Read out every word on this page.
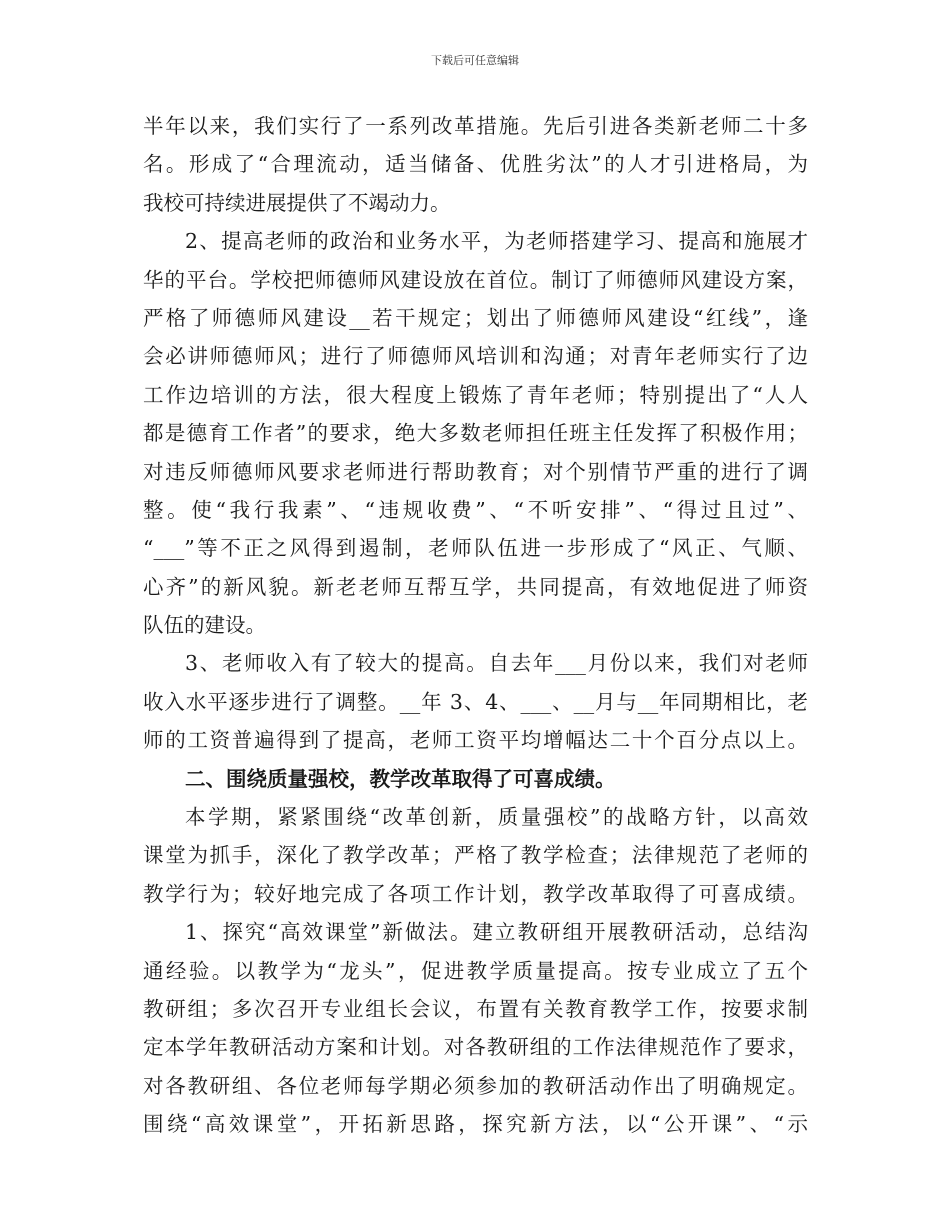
下载后可任意编辑
半年以来，我们实行了一系列改革措施。先后引进各类新老师二十多
名。形成了“合理流动，适当储备、优胜劣汰”的人才引进格局，为
我校可持续进展提供了不竭动力。
2、提高老师的政治和业务水平，为老师搭建学习、提高和施展才
华的平台。学校把师德师风建设放在首位。制订了师德师风建设方案，
严格了师德师风建设__若干规定；划出了师德师风建设“红线”，逢
会必讲师德师风；进行了师德师风培训和沟通；对青年老师实行了边
工作边培训的方法，很大程度上锻炼了青年老师；特别提出了“人人
都是德育工作者”的要求，绝大多数老师担任班主任发挥了积极作用；
对违反师德师风要求老师进行帮助教育；对个别情节严重的进行了调
整。使“我行我素”、“违规收费”、“不听安排”、“得过且过”、
“___”等不正之风得到遏制，老师队伍进一步形成了“风正、气顺、
心齐”的新风貌。新老老师互帮互学，共同提高，有效地促进了师资
队伍的建设。
3、老师收入有了较大的提高。自去年___月份以来，我们对老师
收入水平逐步进行了调整。__年 3、4、___、__月与__年同期相比，老
师的工资普遍得到了提高，老师工资平均增幅达二十个百分点以上。
二、围绕质量强校，教学改革取得了可喜成绩。
本学期，紧紧围绕“改革创新，质量强校”的战略方针，以高效
课堂为抓手，深化了教学改革；严格了教学检查；法律规范了老师的
教学行为；较好地完成了各项工作计划，教学改革取得了可喜成绩。
1、探究“高效课堂”新做法。建立教研组开展教研活动，总结沟
通经验。以教学为“龙头”，促进教学质量提高。按专业成立了五个
教研组；多次召开专业组长会议，布置有关教育教学工作，按要求制
定本学年教研活动方案和计划。对各教研组的工作法律规范作了要求，
对各教研组、各位老师每学期必须参加的教研活动作出了明确规定。
围绕“高效课堂”，开拓新思路，探究新方法，以“公开课”、“示
